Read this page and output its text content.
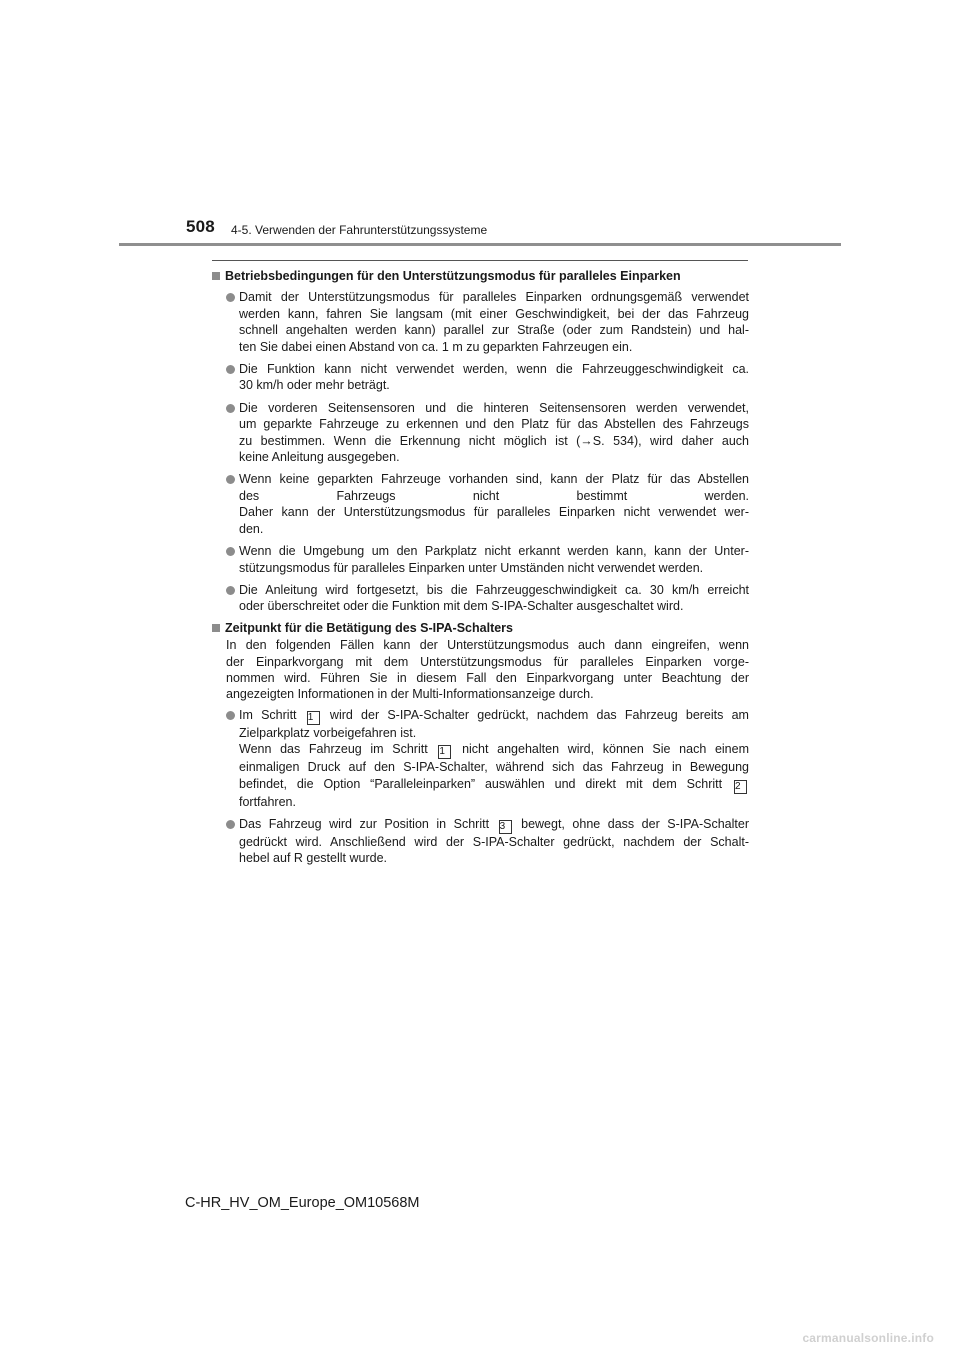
508 4-5. Verwenden der Fahrunterstützungssysteme
Betriebsbedingungen für den Unterstützungsmodus für paralleles Einparken
Damit der Unterstützungsmodus für paralleles Einparken ordnungsgemäß verwendet
werden kann, fahren Sie langsam (mit einer Geschwindigkeit, bei der das Fahrzeug
schnell angehalten werden kann) parallel zur Straße (oder zum Randstein) und hal-
ten Sie dabei einen Abstand von ca. 1 m zu geparkten Fahrzeugen ein.
Die Funktion kann nicht verwendet werden, wenn die Fahrzeuggeschwindigkeit ca.
30 km/h oder mehr beträgt.
Die vorderen Seitensensoren und die hinteren Seitensensoren werden verwendet,
um geparkte Fahrzeuge zu erkennen und den Platz für das Abstellen des Fahrzeugs
zu bestimmen. Wenn die Erkennung nicht möglich ist (→S. 534), wird daher auch
keine Anleitung ausgegeben.
Wenn keine geparkten Fahrzeuge vorhanden sind, kann der Platz für das Abstellen
des Fahrzeugs nicht bestimmt werden.
Daher kann der Unterstützungsmodus für paralleles Einparken nicht verwendet wer-
den.
Wenn die Umgebung um den Parkplatz nicht erkannt werden kann, kann der Unter-
stützungsmodus für paralleles Einparken unter Umständen nicht verwendet werden.
Die Anleitung wird fortgesetzt, bis die Fahrzeuggeschwindigkeit ca. 30 km/h erreicht
oder überschreitet oder die Funktion mit dem S-IPA-Schalter ausgeschaltet wird.
Zeitpunkt für die Betätigung des S-IPA-Schalters
In den folgenden Fällen kann der Unterstützungsmodus auch dann eingreifen, wenn
der Einparkvorgang mit dem Unterstützungsmodus für paralleles Einparken vorge-
nommen wird. Führen Sie in diesem Fall den Einparkvorgang unter Beachtung der
angezeigten Informationen in der Multi-Informationsanzeige durch.
Im Schritt 1 wird der S-IPA-Schalter gedrückt, nachdem das Fahrzeug bereits am
Zielparkplatz vorbeigefahren ist.
Wenn das Fahrzeug im Schritt 1 nicht angehalten wird, können Sie nach einem
einmaligen Druck auf den S-IPA-Schalter, während sich das Fahrzeug in Bewegung
befindet, die Option “Paralleleinparken” auswählen und direkt mit dem Schritt 2
fortfahren.
Das Fahrzeug wird zur Position in Schritt 3 bewegt, ohne dass der S-IPA-Schalter
gedrückt wird. Anschließend wird der S-IPA-Schalter gedrückt, nachdem der Schalt-
hebel auf R gestellt wurde.
C-HR_HV_OM_Europe_OM10568M
carmanualsonline.info
